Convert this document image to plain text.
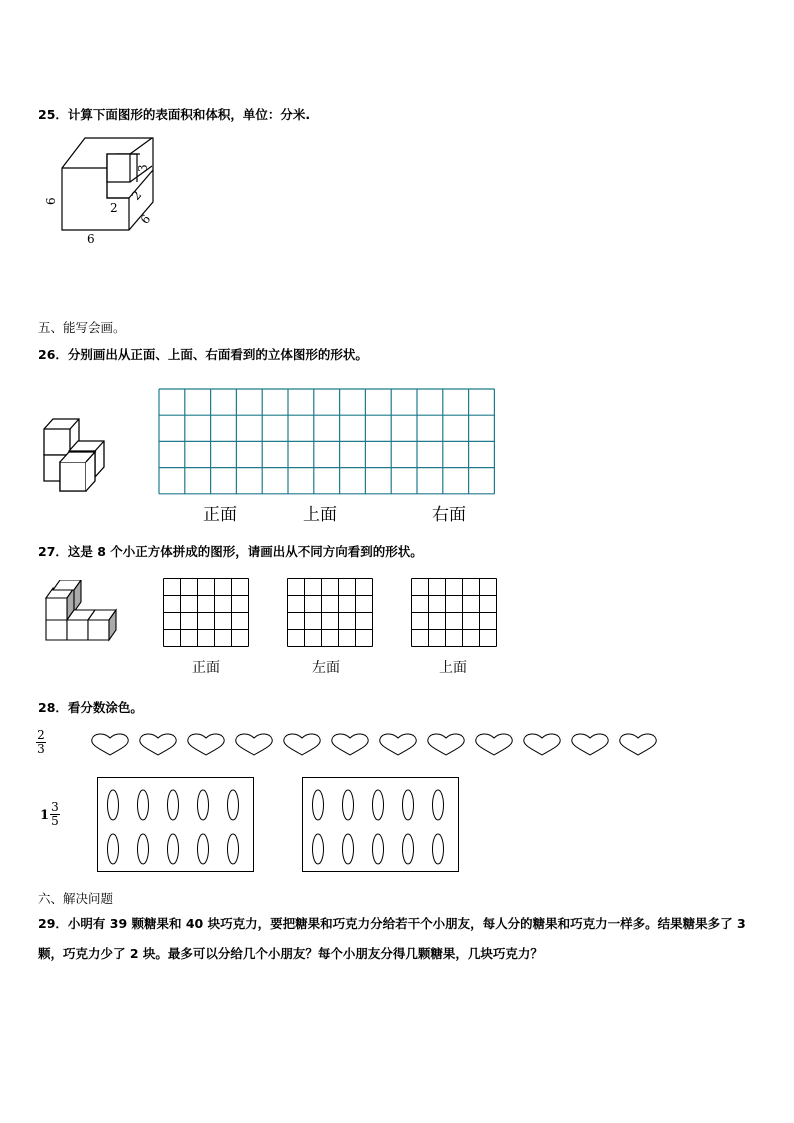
25．计算下面图形的表面积和体积，单位：分米.
6
6
6
2
2
3
五、能写会画。
26．分别画出从正面、上面、右面看到的立体图形的形状。
正面	上面	右面
27．这是 8 个小正方体拼成的图形，请画出从不同方向看到的形状。
正面	左面	上面
28．看分数涂色。
$\frac{2}{3}$
$1 \frac{3}{5}$
六、解决问题
29．小明有 39 颗糖果和 40 块巧克力，要把糖果和巧克力分给若干个小朋友，每人分的糖果和巧克力一样多。结果糖果多了 3 颗，巧克力少了 2 块。最多可以分给几个小朋友？每个小朋友分得几颗糖果，几块巧克力？
